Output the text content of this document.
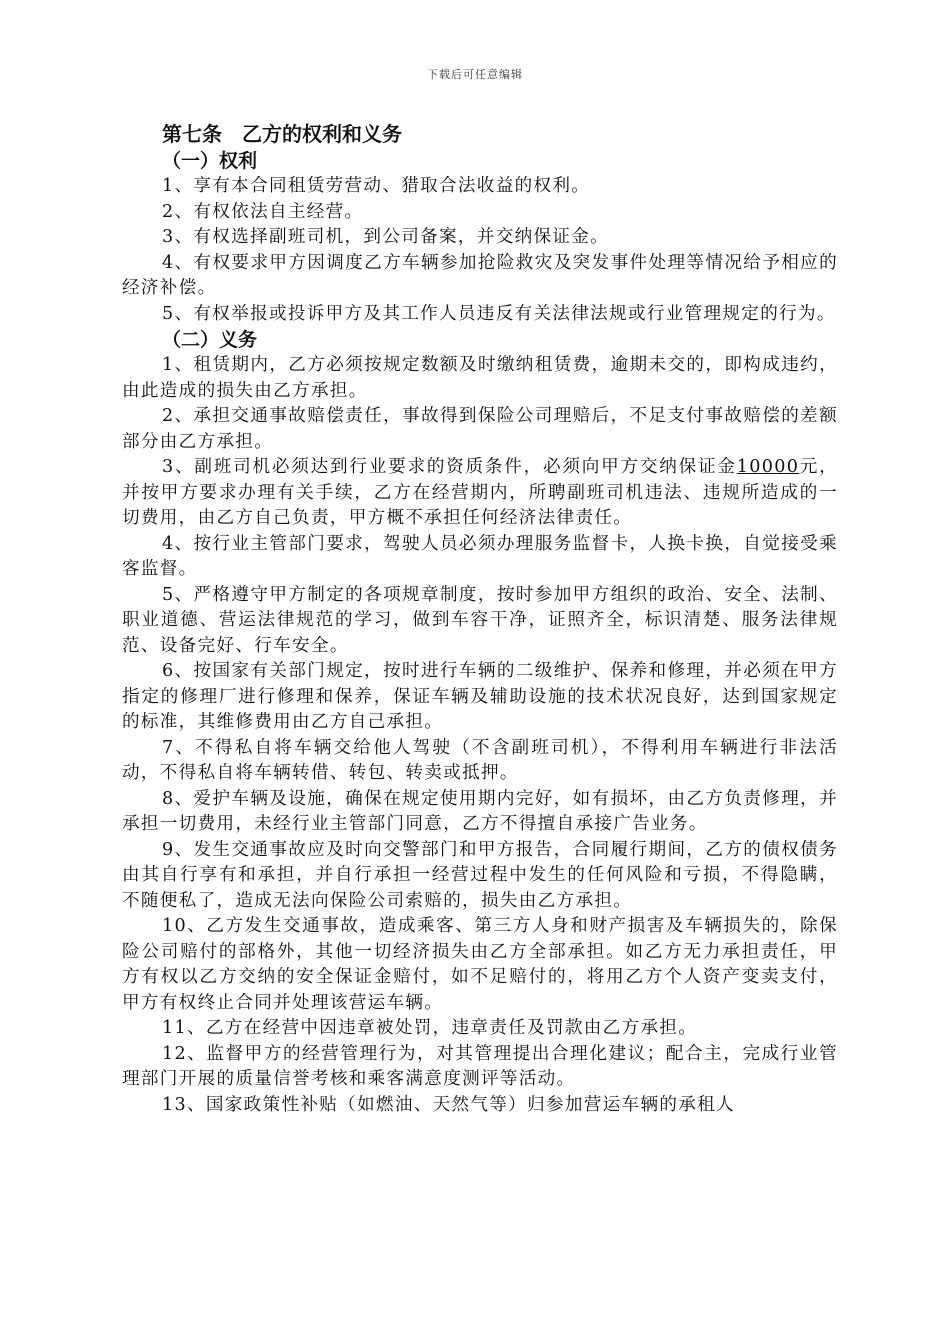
下载后可任意编辑
第七条　乙方的权利和义务
（一）权利

1、享有本合同租赁劳营动、猎取合法收益的权利。

2、有权依法自主经营。

3、有权选择副班司机，到公司备案，并交纳保证金。

4、有权要求甲方因调度乙方车辆参加抢险救灾及突发事件处理等情况给予相应的经济补偿。

5、有权举报或投诉甲方及其工作人员违反有关法律法规或行业管理规定的行为。

（二）义务

1、租赁期内，乙方必须按规定数额及时缴纳租赁费，逾期未交的，即构成违约，由此造成的损失由乙方承担。

2、承担交通事故赔偿责任，事故得到保险公司理赔后，不足支付事故赔偿的差额部分由乙方承担。

3、副班司机必须达到行业要求的资质条件，必须向甲方交纳保证金10000元，并按甲方要求办理有关手续，乙方在经营期内，所聘副班司机违法、违规所造成的一切费用，由乙方自己负责，甲方概不承担任何经济法律责任。

4、按行业主管部门要求，驾驶人员必须办理服务监督卡，人换卡换，自觉接受乘客监督。

5、严格遵守甲方制定的各项规章制度，按时参加甲方组织的政治、安全、法制、职业道德、营运法律规范的学习，做到车容干净，证照齐全，标识清楚、服务法律规范、设备完好、行车安全。

6、按国家有关部门规定，按时进行车辆的二级维护、保养和修理，并必须在甲方指定的修理厂进行修理和保养，保证车辆及辅助设施的技术状况良好，达到国家规定的标准，其维修费用由乙方自己承担。

7、不得私自将车辆交给他人驾驶（不含副班司机），不得利用车辆进行非法活动，不得私自将车辆转借、转包、转卖或抵押。

8、爱护车辆及设施，确保在规定使用期内完好，如有损坏，由乙方负责修理，并承担一切费用，未经行业主管部门同意，乙方不得擅自承接广告业务。

9、发生交通事故应及时向交警部门和甲方报告，合同履行期间，乙方的债权债务由其自行享有和承担，并自行承担一经营过程中发生的任何风险和亏损，不得隐瞒，不随便私了，造成无法向保险公司索赔的，损失由乙方承担。

10、乙方发生交通事故，造成乘客、第三方人身和财产损害及车辆损失的，除保险公司赔付的部格外，其他一切经济损失由乙方全部承担。如乙方无力承担责任，甲方有权以乙方交纳的安全保证金赔付，如不足赔付的，将用乙方个人资产变卖支付，甲方有权终止合同并处理该营运车辆。

11、乙方在经营中因违章被处罚，违章责任及罚款由乙方承担。

12、监督甲方的经营管理行为，对其管理提出合理化建议；配合主，完成行业管理部门开展的质量信誉考核和乘客满意度测评等活动。

13、国家政策性补贴（如燃油、天然气等）归参加营运车辆的承租人
